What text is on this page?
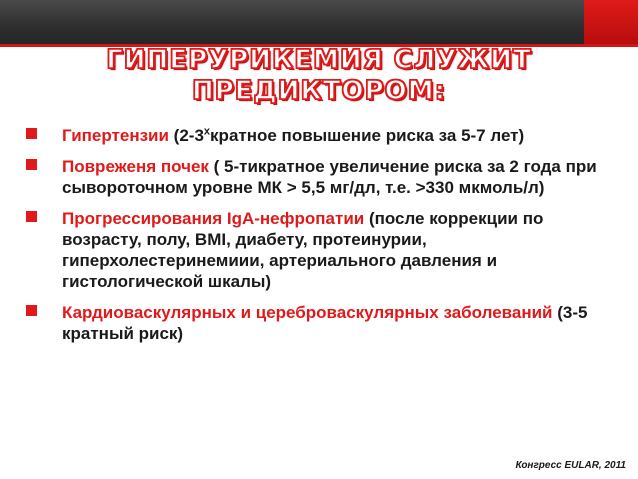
ГИПЕРУРИКЕМИЯ СЛУЖИТ
ПРЕДИКТОРОМ:
Гипертензии ($2-3^хкратное$ повышение риска за 5-7 лет)
Повреженя почек ( 5-тикратное увеличение риска за 2 года при сывороточном уровне МК > 5,5 мг/дл, т.е. >330 мкмоль/л)
Прогрессирования IgA-нефропатии (после коррекции по возрасту, полу, BMI, диабету, протеинурии, гиперхолестеринемиии, артериального давления и гистологической шкалы)
Кардиоваскулярных и цереброваскулярных заболеваний (3-5 кратный риск)
Конгресс EULAR, 2011
